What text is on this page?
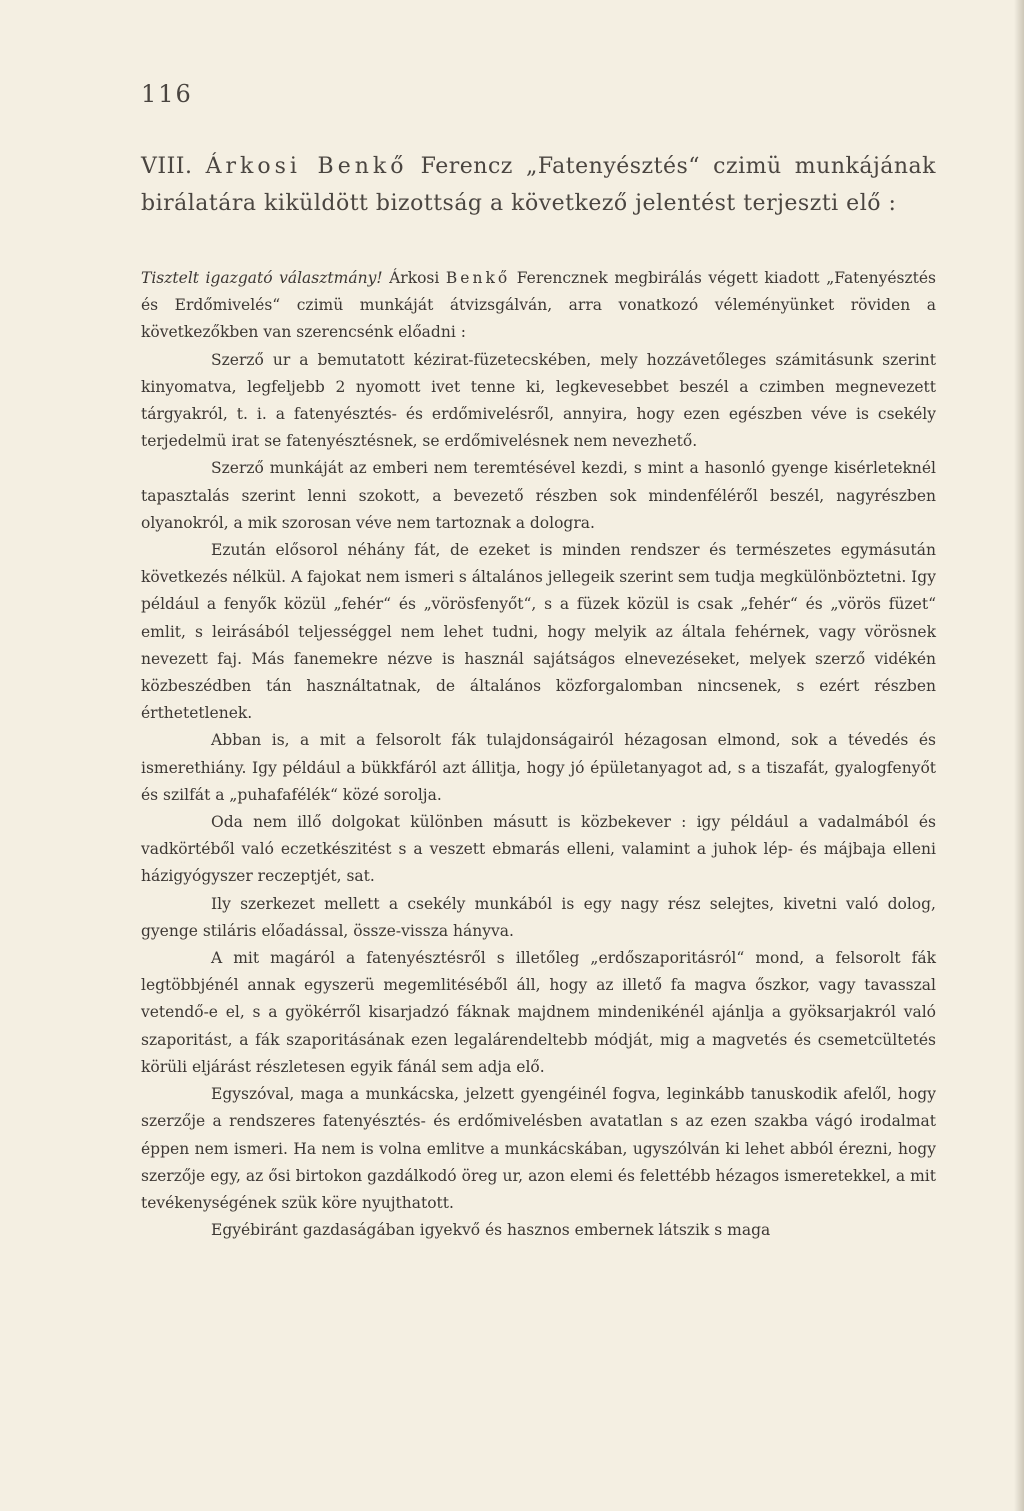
116
VIII. Árkosi Benkő Ferencz „Fatenyésztés“ czimü munkájának birálatára kiküldött bizottság a következő jelentést terjeszti elő :

Tisztelt igazgató választmány! Árkosi Benkő Ferencznek megbirálás végett kiadott „Fatenyésztés és Erdőmivelés“ czimü munkáját átvizsgálván, arra vonatkozó véleményünket röviden a következőkben van szerencsénk előadni :

Szerző ur a bemutatott kézirat-füzetecskében, mely hozzávetőleges számitásunk szerint kinyomatva, legfeljebb 2 nyomott ivet tenne ki, legkevesebbet beszél a czimben megnevezett tárgyakról, t. i. a fatenyésztés- és erdőmivelésről, annyira, hogy ezen egészben véve is csekély terjedelmü irat se fatenyésztésnek, se erdőmivelésnek nem nevezhető.

Szerző munkáját az emberi nem teremtésével kezdi, s mint a hasonló gyenge kisérleteknél tapasztalás szerint lenni szokott, a bevezető részben sok mindenféléről beszél, nagyrészben olyanokról, a mik szorosan véve nem tartoznak a dologra.

Ezután elősorol néhány fát, de ezeket is minden rendszer és természetes egymásután következés nélkül. A fajokat nem ismeri s általános jellegeik szerint sem tudja megkülönböztetni. Igy például a fenyők közül „fehér“ és „vörösfenyőt“, s a füzek közül is csak „fehér“ és „vörös füzet“ emlit, s leirásából teljességgel nem lehet tudni, hogy melyik az általa fehérnek, vagy vörösnek nevezett faj. Más fanemekre nézve is használ sajátságos elnevezéseket, melyek szerző vidékén közbeszédben tán használtatnak, de általános közforgalomban nincsenek, s ezért részben érthetetlenek.

Abban is, a mit a felsorolt fák tulajdonságairól hézagosan elmond, sok a tévedés és ismerethiány. Igy például a bükkfáról azt állitja, hogy jó épületanyagot ad, s a tiszafát, gyalogfenyőt és szilfát a „puhafafélék“ közé sorolja.

Oda nem illő dolgokat különben másutt is közbekever : igy például a vadalmából és vadkörtéből való eczetkészitést s a veszett ebmarás elleni, valamint a juhok lép- és májbaja elleni házigyógyszer reczeptjét, sat.

Ily szerkezet mellett a csekély munkából is egy nagy rész selejtes, kivetni való dolog, gyenge stiláris előadással, össze-vissza hányva.

A mit magáról a fatenyésztésről s illetőleg „erdőszaporitásról“ mond, a felsorolt fák legtöbbjénél annak egyszerü megemlitéséből áll, hogy az illető fa magva őszkor, vagy tavasszal vetendő-e el, s a gyökérről kisarjadzó fáknak majdnem mindenikénél ajánlja a gyöksarjakról való szaporitást, a fák szaporitásának ezen legalárendeltebb módját, mig a magvetés és csemetcültetés körüli eljárást részletesen egyik fánál sem adja elő.

Egyszóval, maga a munkácska, jelzett gyengéinél fogva, leginkább tanuskodik afelől, hogy szerzője a rendszeres fatenyésztés- és erdőmivelésben avatatlan s az ezen szakba vágó irodalmat éppen nem ismeri. Ha nem is volna emlitve a munkácskában, ugyszólván ki lehet abból érezni, hogy szerzője egy, az ősi birtokon gazdálkodó öreg ur, azon elemi és felettébb hézagos ismeretekkel, a mit tevékenységének szük köre nyujthatott.

Egyébiránt gazdaságában igyekvő és hasznos embernek látszik s maga
